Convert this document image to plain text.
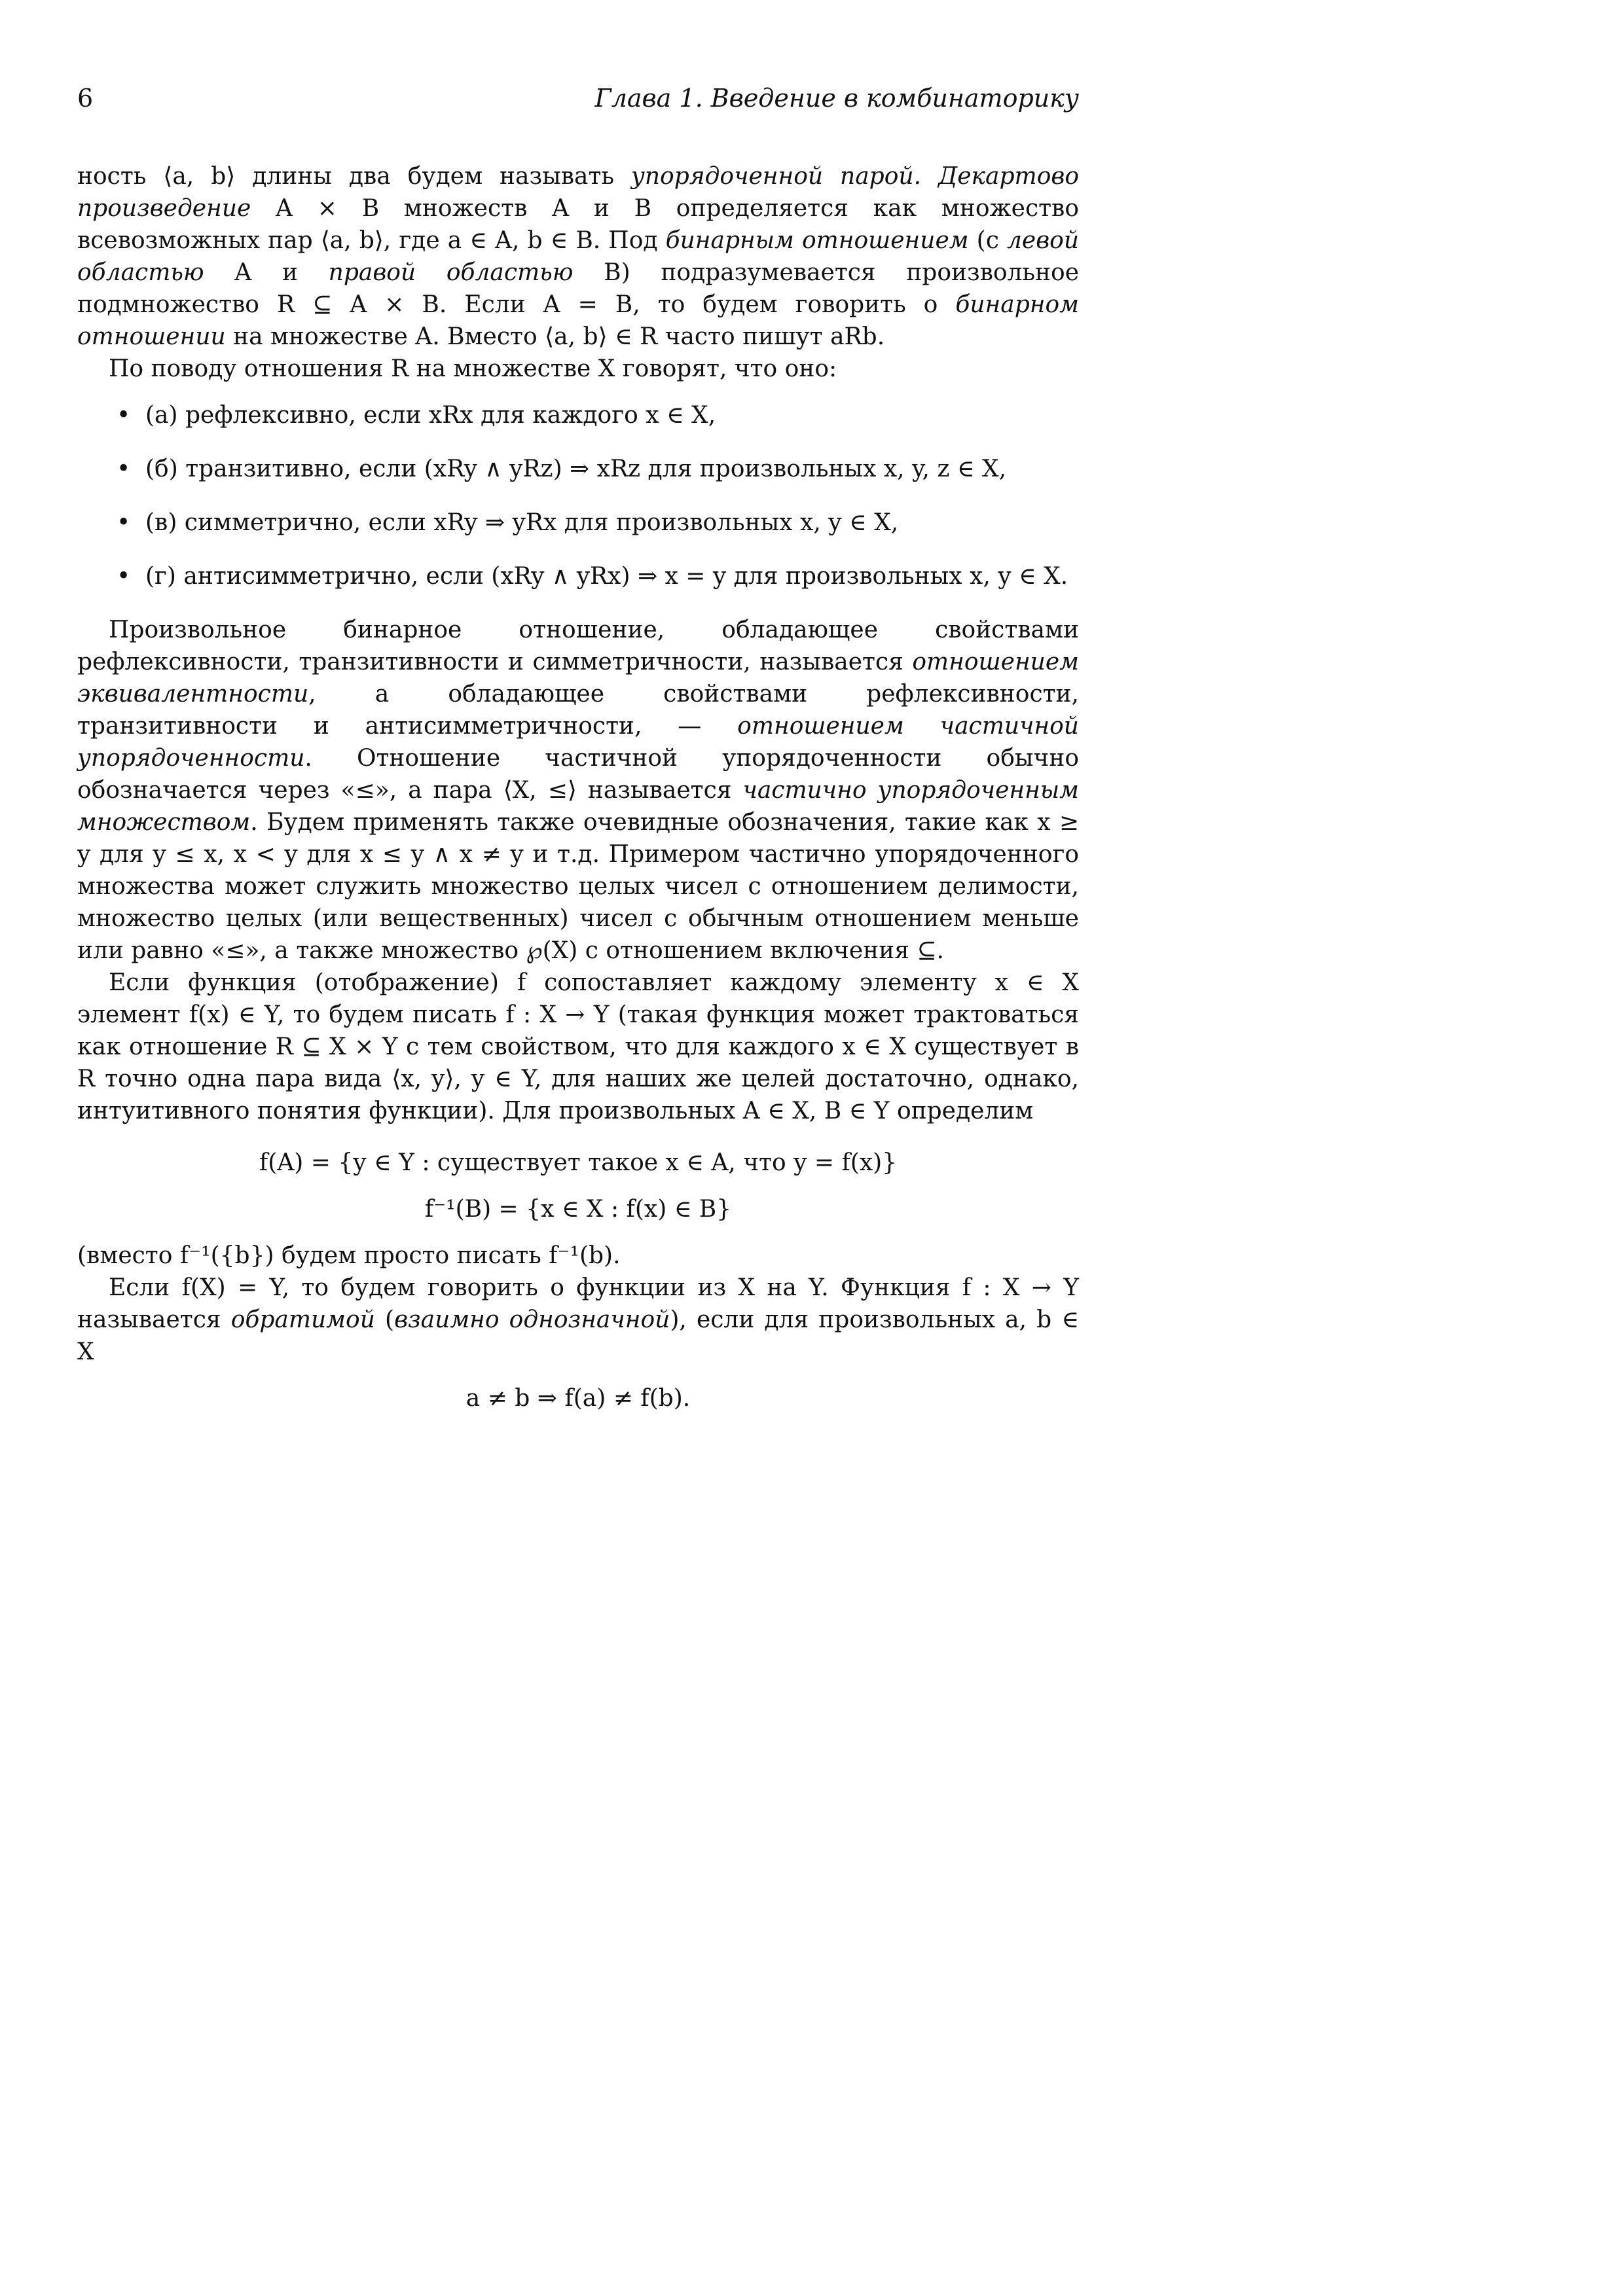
6	Глава 1. Введение в комбинаторику

ность ⟨a, b⟩ длины два будем называть упорядоченной парой. Декартово произведение A × B множеств A и B определяется как множество всевозможных пар ⟨a, b⟩, где a ∈ A, b ∈ B. Под бинарным отношением (с левой областью A и правой областью B) подразумевается произвольное подмножество R ⊆ A × B. Если A = B, то будем говорить о бинарном отношении на множестве A. Вместо ⟨a, b⟩ ∈ R часто пишут aRb.

По поводу отношения R на множестве X говорят, что оно:

• (а) рефлексивно, если xRx для каждого x ∈ X,
• (б) транзитивно, если (xRy ∧ yRz) ⇒ xRz для произвольных x, y, z ∈ X,
• (в) симметрично, если xRy ⇒ yRx для произвольных x, y ∈ X,
• (г) антисимметрично, если (xRy ∧ yRx) ⇒ x = y для произвольных x, y ∈ X.

Произвольное бинарное отношение, обладающее свойствами рефлексивности, транзитивности и симметричности, называется отношением эквивалентности, а обладающее свойствами рефлексивности, транзитивности и антисимметричности, — отношением частичной упорядоченности. Отношение частичной упорядоченности обычно обозначается через «≤», а пара ⟨X, ≤⟩ называется частично упорядоченным множеством. Будем применять также очевидные обозначения, такие как x ≥ y для y ≤ x, x < y для x ≤ y ∧ x ≠ y и т.д. Примером частично упорядоченного множества может служить множество целых чисел с отношением делимости, множество целых (или вещественных) чисел с обычным отношением меньше или равно «≤», а также множество ℘(X) с отношением включения ⊆.

Если функция (отображение) f сопоставляет каждому элементу x ∈ X элемент f(x) ∈ Y, то будем писать f : X → Y (такая функция может трактоваться как отношение R ⊆ X × Y с тем свойством, что для каждого x ∈ X существует в R точно одна пара вида ⟨x, y⟩, y ∈ Y, для наших же целей достаточно, однако, интуитивного понятия функции). Для произвольных A ∈ X, B ∈ Y определим

f(A) = {y ∈ Y : существует такое x ∈ A, что y = f(x)}
f⁻¹(B) = {x ∈ X : f(x) ∈ B}

(вместо f⁻¹({b}) будем просто писать f⁻¹(b).

Если f(X) = Y, то будем говорить о функции из X на Y. Функция f : X → Y называется обратимой (взаимно однозначной), если для произвольных a, b ∈ X

a ≠ b ⇒ f(a) ≠ f(b).
